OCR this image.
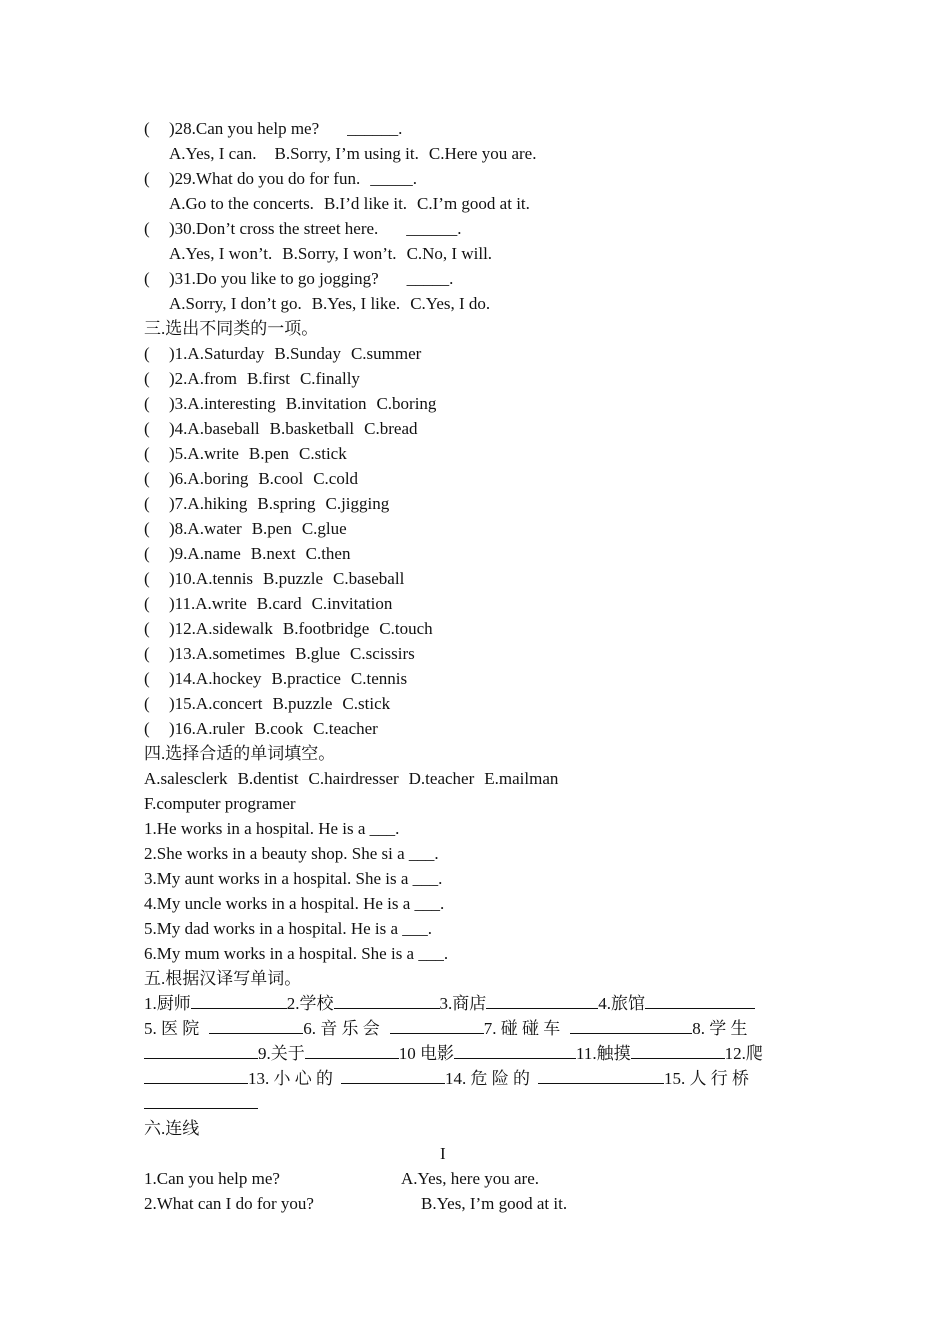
( )28.Can you help me? ______.
A.Yes, I can. B.Sorry, I’m using it. C.Here you are.
( )29.What do you do for fun. _____.
A.Go to the concerts. B.I’d like it. C.I’m good at it.
( )30.Don’t cross the street here. ______.
A.Yes, I won’t. B.Sorry, I won’t. C.No, I will.
( )31.Do you like to go jogging? _____.
A.Sorry, I don’t go. B.Yes, I like. C.Yes, I do.
三.选出不同类的一项。
( )1.A.Saturday B.Sunday C.summer
( )2.A.from B.first C.finally
( )3.A.interesting B.invitation C.boring
( )4.A.baseball B.basketball C.bread
( )5.A.write B.pen C.stick
( )6.A.boring B.cool C.cold
( )7.A.hiking B.spring C.jigging
( )8.A.water B.pen C.glue
( )9.A.name B.next C.then
( )10.A.tennis B.puzzle C.baseball
( )11.A.write B.card C.invitation
( )12.A.sidewalk B.footbridge C.touch
( )13.A.sometimes B.glue C.scissirs
( )14.A.hockey B.practice C.tennis
( )15.A.concert B.puzzle C.stick
( )16.A.ruler B.cook C.teacher
四.选择合适的单词填空。
A.salesclerk B.dentist C.hairdresser D.teacher E.mailman
F.computer programer
1.He works in a hospital. He is a ___.
2.She works in a beauty shop. She si a ___.
3.My aunt works in a hospital. She is a ___.
4.My uncle works in a hospital. He is a ___.
5.My dad works in a hospital. He is a ___.
6.My mum works in a hospital. She is a ___.
五.根据汉译写单词。
1.厨师	2.学校	3.商店	4.旅馆
5. 医 院	6. 音 乐 会	7. 碰 碰 车	8. 学 生
9.关于	10 电影	11.触摸	12.爬
13. 小 心 的	14. 危 险 的	15. 人 行 桥
六.连线
I
1.Can you help me?	A.Yes, here you are.
2.What can I do for you?	B.Yes, I’m good at it.
